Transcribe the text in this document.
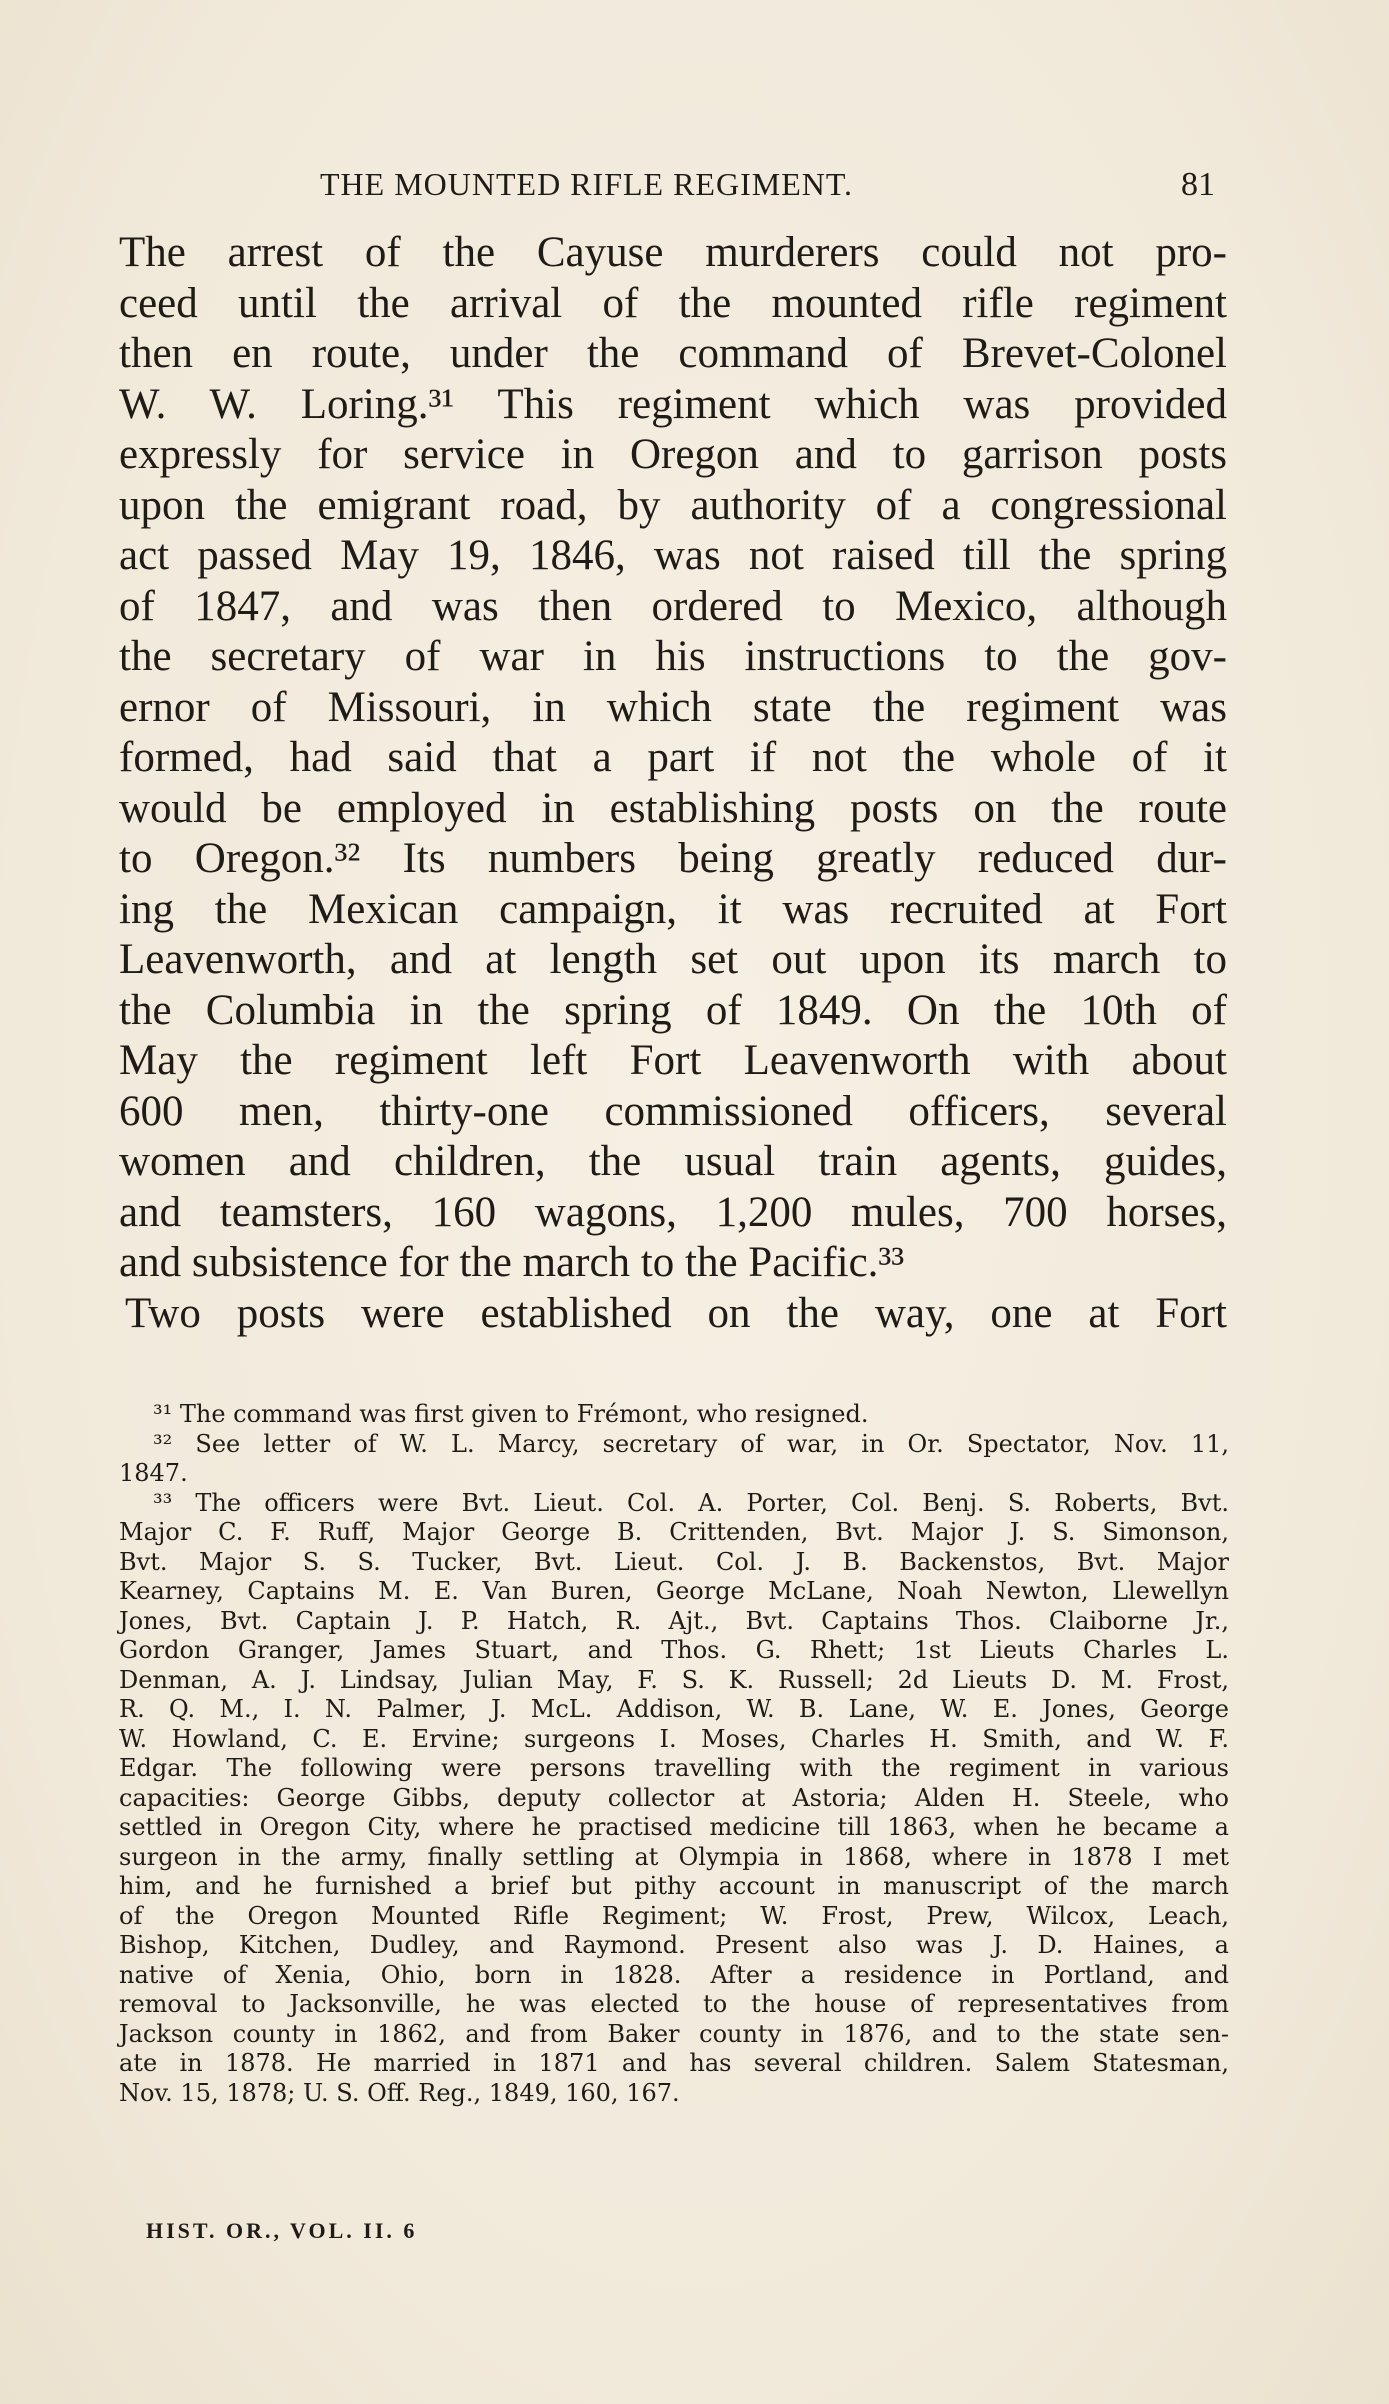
THE MOUNTED RIFLE REGIMENT.	81
The arrest of the Cayuse murderers could not pro-
ceed until the arrival of the mounted rifle regiment
then en route, under the command of Brevet-Colonel
W. W. Loring.³¹ This regiment which was provided
expressly for service in Oregon and to garrison posts
upon the emigrant road, by authority of a congressional
act passed May 19, 1846, was not raised till the spring
of 1847, and was then ordered to Mexico, although
the secretary of war in his instructions to the gov-
ernor of Missouri, in which state the regiment was
formed, had said that a part if not the whole of it
would be employed in establishing posts on the route
to Oregon.³² Its numbers being greatly reduced dur-
ing the Mexican campaign, it was recruited at Fort
Leavenworth, and at length set out upon its march to
the Columbia in the spring of 1849. On the 10th of
May the regiment left Fort Leavenworth with about
600 men, thirty-one commissioned officers, several
women and children, the usual train agents, guides,
and teamsters, 160 wagons, 1,200 mules, 700 horses,
and subsistence for the march to the Pacific.³³
Two posts were established on the way, one at Fort
³¹ The command was first given to Frémont, who resigned.
³² See letter of W. L. Marcy, secretary of war, in Or. Spectator, Nov. 11,
1847.
³³ The officers were Bvt. Lieut. Col. A. Porter, Col. Benj. S. Roberts, Bvt.
Major C. F. Ruff, Major George B. Crittenden, Bvt. Major J. S. Simonson,
Bvt. Major S. S. Tucker, Bvt. Lieut. Col. J. B. Backenstos, Bvt. Major
Kearney, Captains M. E. Van Buren, George McLane, Noah Newton, Llewellyn
Jones, Bvt. Captain J. P. Hatch, R. Ajt., Bvt. Captains Thos. Claiborne Jr.,
Gordon Granger, James Stuart, and Thos. G. Rhett; 1st Lieuts Charles L.
Denman, A. J. Lindsay, Julian May, F. S. K. Russell; 2d Lieuts D. M. Frost,
R. Q. M., I. N. Palmer, J. McL. Addison, W. B. Lane, W. E. Jones, George
W. Howland, C. E. Ervine; surgeons I. Moses, Charles H. Smith, and W. F.
Edgar. The following were persons travelling with the regiment in various
capacities: George Gibbs, deputy collector at Astoria; Alden H. Steele, who
settled in Oregon City, where he practised medicine till 1863, when he became a
surgeon in the army, finally settling at Olympia in 1868, where in 1878 I met
him, and he furnished a brief but pithy account in manuscript of the march
of the Oregon Mounted Rifle Regiment; W. Frost, Prew, Wilcox, Leach,
Bishop, Kitchen, Dudley, and Raymond. Present also was J. D. Haines, a
native of Xenia, Ohio, born in 1828. After a residence in Portland, and
removal to Jacksonville, he was elected to the house of representatives from
Jackson county in 1862, and from Baker county in 1876, and to the state sen-
ate in 1878. He married in 1871 and has several children. Salem Statesman,
Nov. 15, 1878; U. S. Off. Reg., 1849, 160, 167.
HIST. OR., VOL. II. 6
